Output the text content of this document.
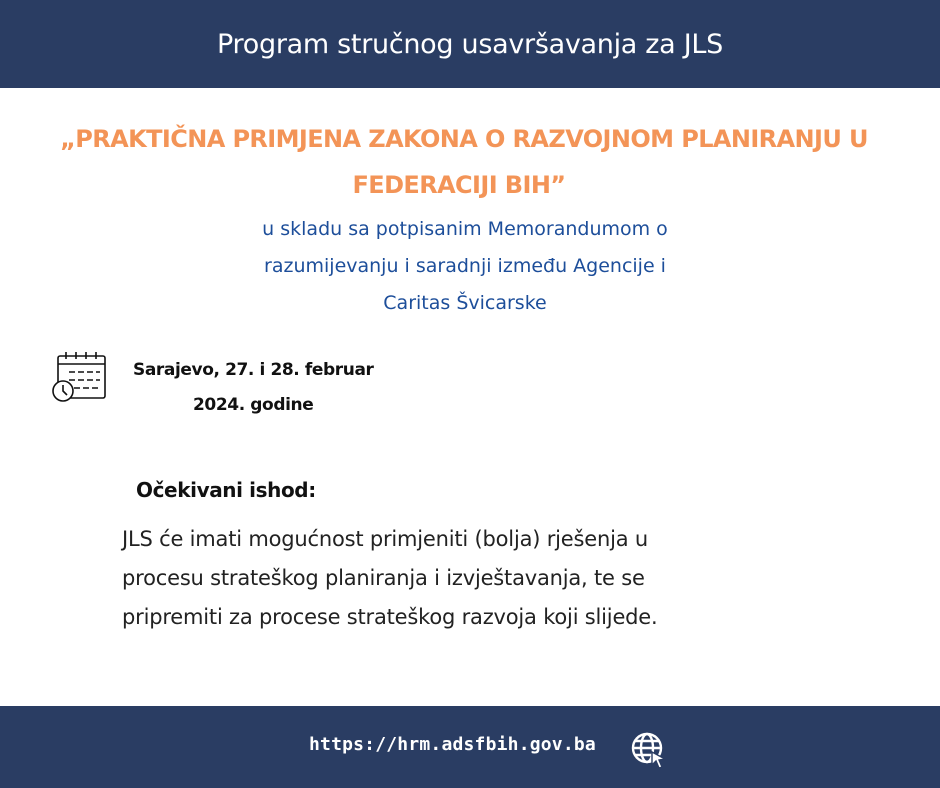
Program stručnog usavršavanja za JLS
„PRAKTIČNA PRIMJENA ZAKONA O RAZVOJNOM PLANIRANJU U
FEDERACIJI BIH”
u skladu sa potpisanim Memorandumom o
razumijevanju i saradnji između Agencije i
Caritas Švicarske
Sarajevo, 27. i 28. februar
2024. godine
Očekivani ishod:
JLS će imati mogućnost primjeniti (bolja) rješenja u
procesu strateškog planiranja i izvještavanja, te se
pripremiti za procese strateškog razvoja koji slijede.
https://hrm.adsfbih.gov.ba
